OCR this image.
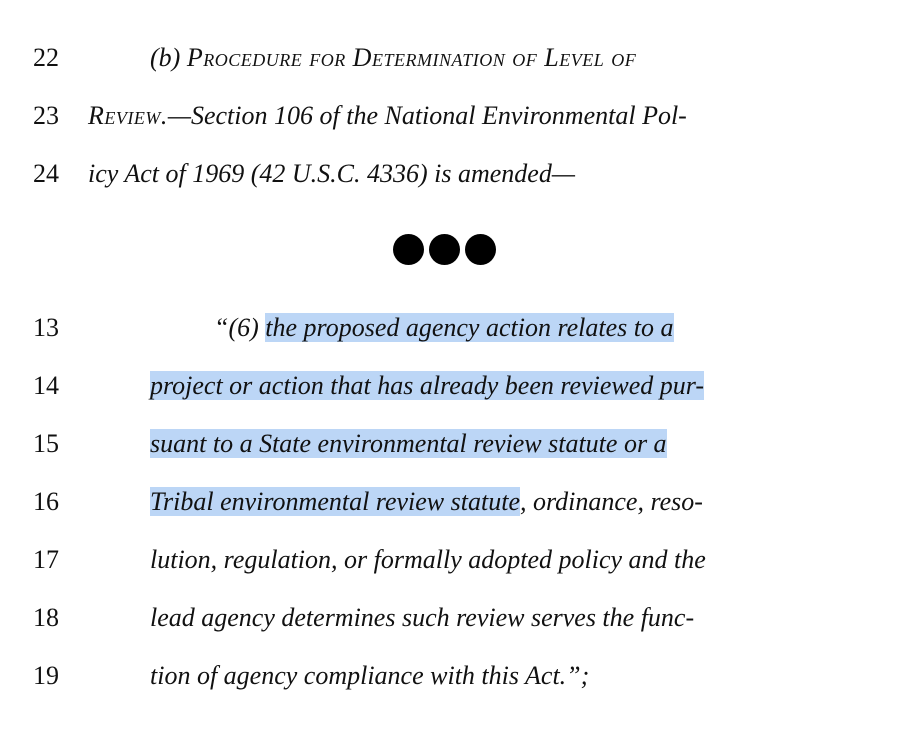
22	(b) Procedure for Determination of Level of
23 Review.—Section 106 of the National Environmental Pol-
24 icy Act of 1969 (42 U.S.C. 4336) is amended—
13	“(6) the proposed agency action relates to a
14	project or action that has already been reviewed pur-
15	suant to a State environmental review statute or a
16	Tribal environmental review statute, ordinance, reso-
17	lution, regulation, or formally adopted policy and the
18	lead agency determines such review serves the func-
19	tion of agency compliance with this Act.”;
